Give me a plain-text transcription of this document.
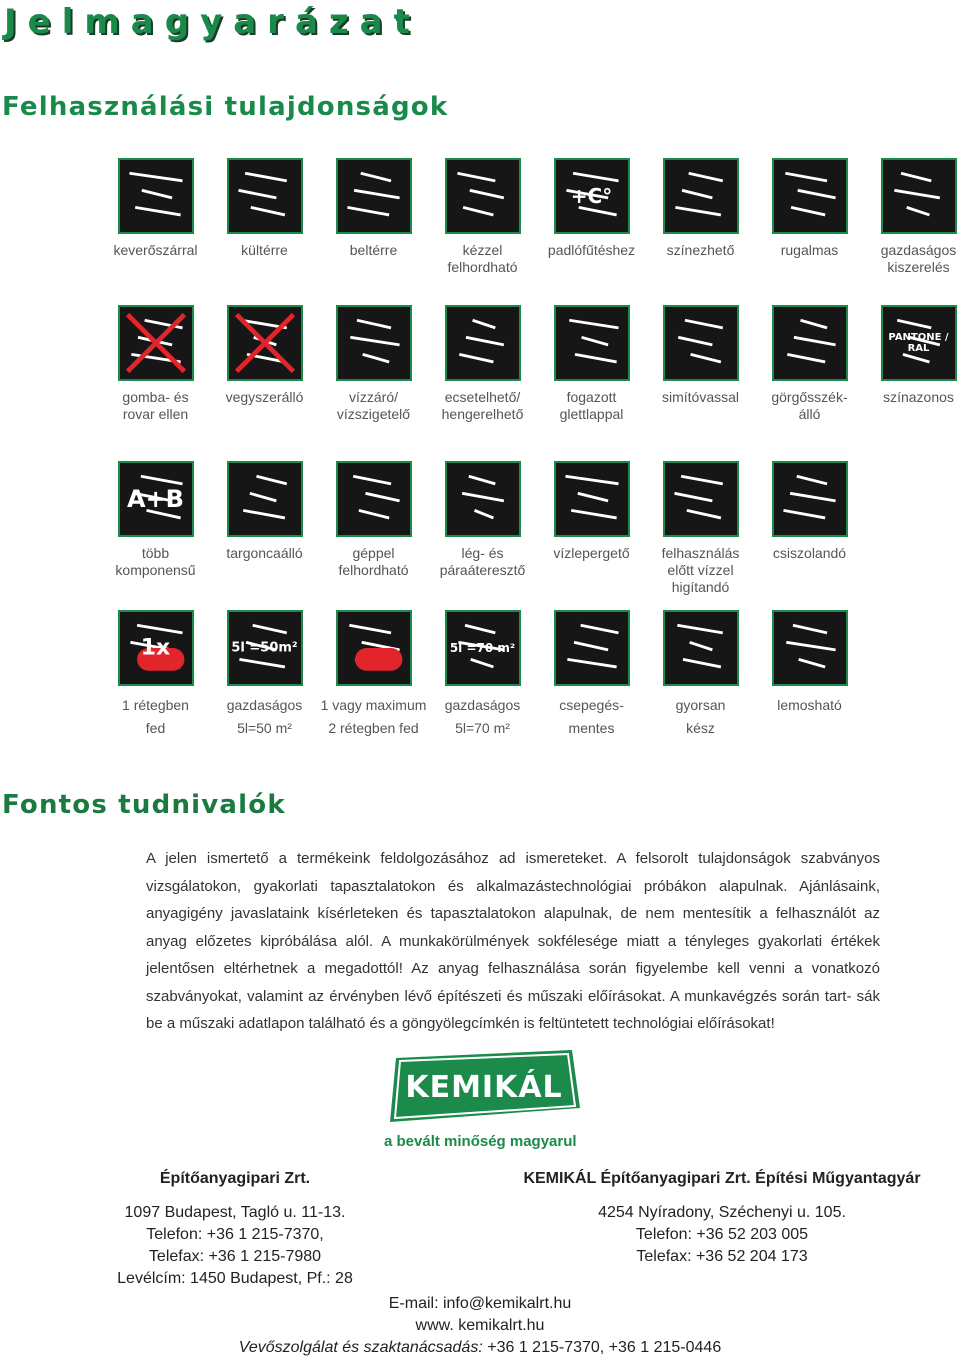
Jelmagyarázat
Felhasználási tulajdonságok
keverőszárral	kültérre	beltérre	kézzel
felhordható
+C°
padlófűtéshez	színezhető	rugalmas	gazdaságos
kiszerelés
gomba- és
rovar ellen
vegyszerálló	vízzáró/
vízszigetelő
ecsetelhető/
hengerelhető
fogazott
glettlappal
simítóvassal	görgősszék-
álló
PANTONE / RAL
színazonos
A+B
több
komponensű
targoncaálló	géppel
felhordható
lég- és
páraáteresztő
vízlepergető	felhasználás
előtt vízzel
higítandó
csiszolandó
1x
1 rétegben
fed
5l =50m²
gazdaságos
5l=50 m²
1 vagy maximum
2 rétegben fed
5l =70 m²
gazdaságos
5l=70 m²
csepegés-
mentes
gyorsan
kész
lemosható
Fontos tudnivalók

A jelen ismertető a termékeink feldolgozásához ad ismereteket. A felsorolt tulajdonságok szabványos vizsgálatokon, gyakorlati tapasztalatokon és alkalmazástechnológiai próbákon alapulnak. Ajánlásaink, anyagigény javaslataink kísérleteken és tapasztalatokon alapulnak, de nem mentesítik a felhasználót az anyag előzetes kipróbálása alól. A munkakörülmények sokfélesége miatt a tényleges gyakorlati értékek jelentősen eltérhetnek a megadottól! Az anyag felhasználása során figyelembe kell venni a vonatkozó szabványokat, valamint az érvényben lévő építészeti és műszaki előírásokat. A munkavégzés során tart- sák be a műszaki adatlapon található és a göngyölegcímkén is feltüntetett technológiai előírásokat!

KEMIKÁL

a bevált minőség magyarul

Építőanyagipari Zrt.
1097 Budapest, Tagló u. 11-13.
Telefon: +36 1 215-7370,
Telefax: +36 1 215-7980
Levélcím: 1450 Budapest, Pf.: 28
KEMIKÁL Építőanyagipari Zrt. Építési Műgyantagyár
4254 Nyíradony, Széchenyi u. 105.
Telefon: +36 52 203 005
Telefax: +36 52 204 173
E-mail: info@kemikalrt.hu
www. kemikalrt.hu
Vevőszolgálat és szaktanácsadás: +36 1 215-7370, +36 1 215-0446
